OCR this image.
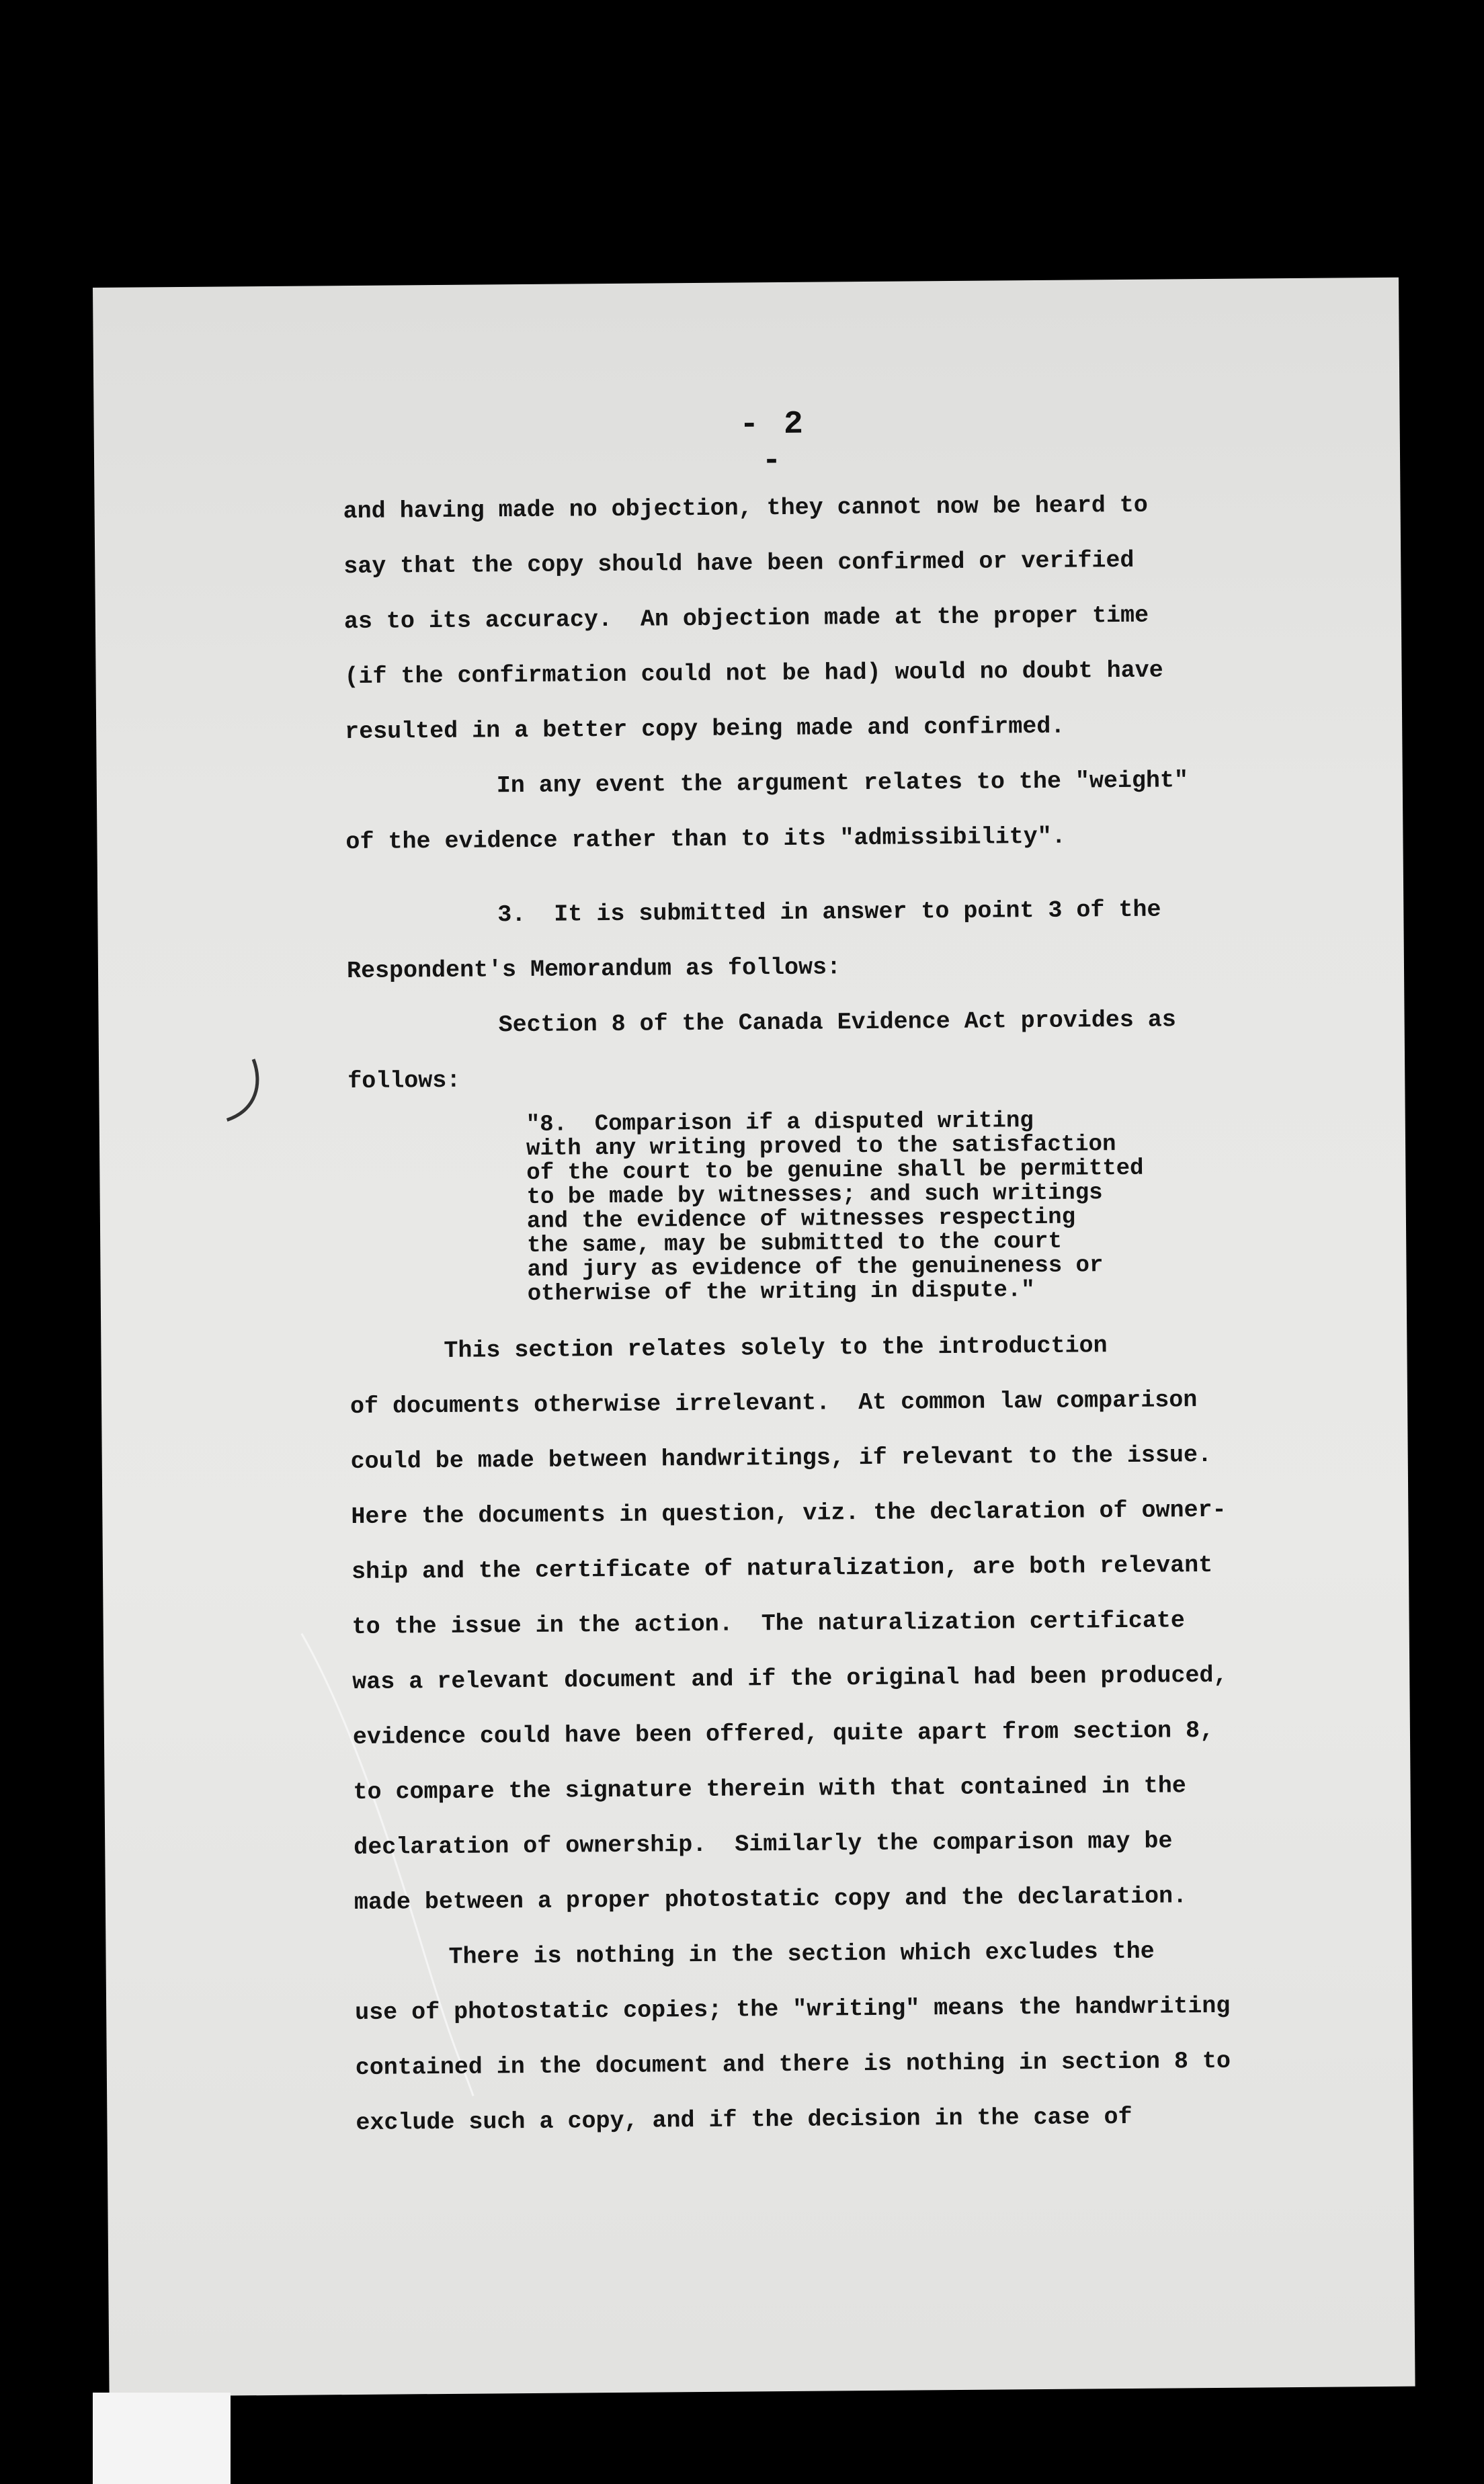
- 2 -
and having made no objection, they cannot now be heard to
say that the copy should have been confirmed or verified
as to its accuracy.  An objection made at the proper time
(if the confirmation could not be had) would no doubt have
resulted in a better copy being made and confirmed.
In any event the argument relates to the "weight"
of the evidence rather than to its "admissibility".
3.  It is submitted in answer to point 3 of the
Respondent's Memorandum as follows:
Section 8 of the Canada Evidence Act provides as
follows:
"8.  Comparison if a disputed writing
with any writing proved to the satisfaction
of the court to be genuine shall be permitted
to be made by witnesses; and such writings
and the evidence of witnesses respecting
the same, may be submitted to the court
and jury as evidence of the genuineness or
otherwise of the writing in dispute."
This section relates solely to the introduction
of documents otherwise irrelevant.  At common law comparison
could be made between handwritings, if relevant to the issue.
Here the documents in question, viz. the declaration of owner-
ship and the certificate of naturalization, are both relevant
to the issue in the action.  The naturalization certificate
was a relevant document and if the original had been produced,
evidence could have been offered, quite apart from section 8,
to compare the signature therein with that contained in the
declaration of ownership.  Similarly the comparison may be
made between a proper photostatic copy and the declaration.
There is nothing in the section which excludes the
use of photostatic copies; the "writing" means the handwriting
contained in the document and there is nothing in section 8 to
exclude such a copy, and if the decision in the case of
